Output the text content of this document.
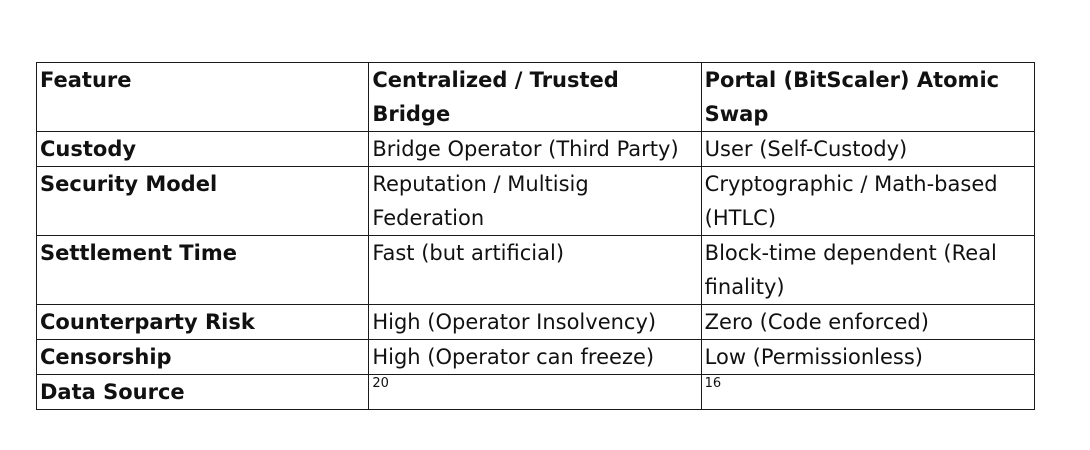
Feature	Centralized / Trusted Bridge	Portal (BitScaler) Atomic Swap
Custody	Bridge Operator (Third Party)	User (Self-Custody)
Security Model	Reputation / Multisig Federation	Cryptographic / Math-based (HTLC)
Settlement Time	Fast (but artificial)	Block-time dependent (Real finality)
Counterparty Risk	High (Operator Insolvency)	Zero (Code enforced)
Censorship	High (Operator can freeze)	Low (Permissionless)
Data Source	20	16
